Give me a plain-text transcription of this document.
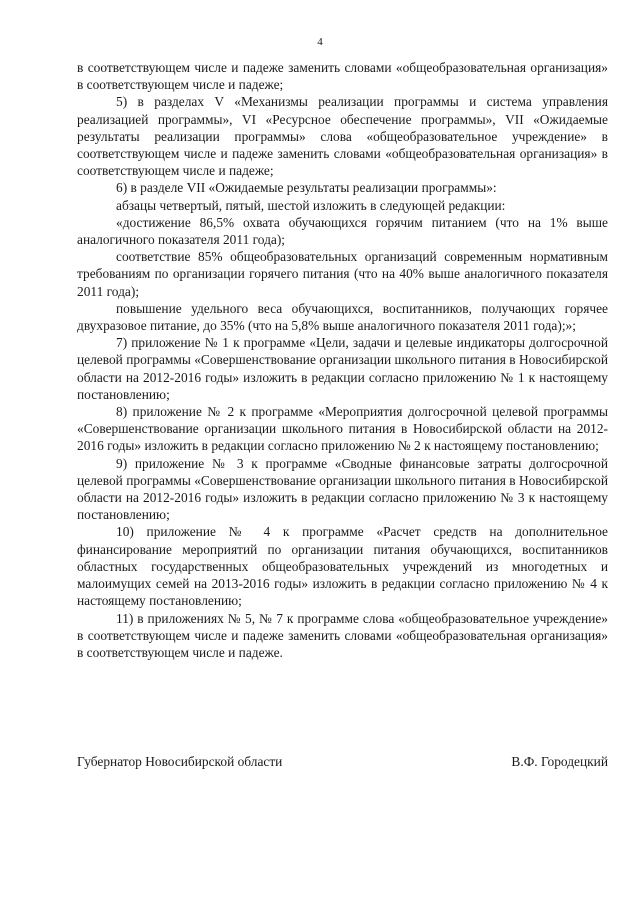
4

в соответствующем числе и падеже заменить словами «общеобразовательная организация» в соответствующем числе и падеже;

5) в разделах V «Механизмы реализации программы и система управления реализацией программы», VI «Ресурсное обеспечение программы», VII «Ожидаемые результаты реализации программы» слова «общеобразовательное учреждение» в соответствующем числе и падеже заменить словами «общеобразовательная организация» в соответствующем числе и падеже;

6) в разделе VII «Ожидаемые результаты реализации программы»:

абзацы четвертый, пятый, шестой изложить в следующей редакции:

«достижение 86,5% охвата обучающихся горячим питанием (что на 1% выше аналогичного показателя 2011 года);

соответствие 85% общеобразовательных организаций современным нормативным требованиям по организации горячего питания (что на 40% выше аналогичного показателя 2011 года);

повышение удельного веса обучающихся, воспитанников, получающих горячее двухразовое питание, до 35% (что на 5,8% выше аналогичного показателя 2011 года);»;

7) приложение № 1 к программе «Цели, задачи и целевые индикаторы долгосрочной целевой программы «Совершенствование организации школьного питания в Новосибирской области на 2012-2016 годы» изложить в редакции согласно приложению № 1 к настоящему постановлению;

8) приложение № 2 к программе «Мероприятия долгосрочной целевой программы «Совершенствование организации школьного питания в Новосибирской области на 2012-2016 годы» изложить в редакции согласно приложению № 2 к настоящему постановлению;

9) приложение № 3 к программе «Сводные финансовые затраты долгосрочной целевой программы «Совершенствование организации школьного питания в Новосибирской области на 2012-2016 годы» изложить в редакции согласно приложению № 3 к настоящему постановлению;

10) приложение № 4 к программе «Расчет средств на дополнительное финансирование мероприятий по организации питания обучающихся, воспитанников областных государственных общеобразовательных учреждений из многодетных и малоимущих семей на 2013-2016 годы» изложить в редакции согласно приложению № 4 к настоящему постановлению;

11) в приложениях № 5, № 7 к программе слова «общеобразовательное учреждение» в соответствующем числе и падеже заменить словами «общеобразовательная организация» в соответствующем числе и падеже.

Губернатор Новосибирской области	В.Ф. Городецкий
